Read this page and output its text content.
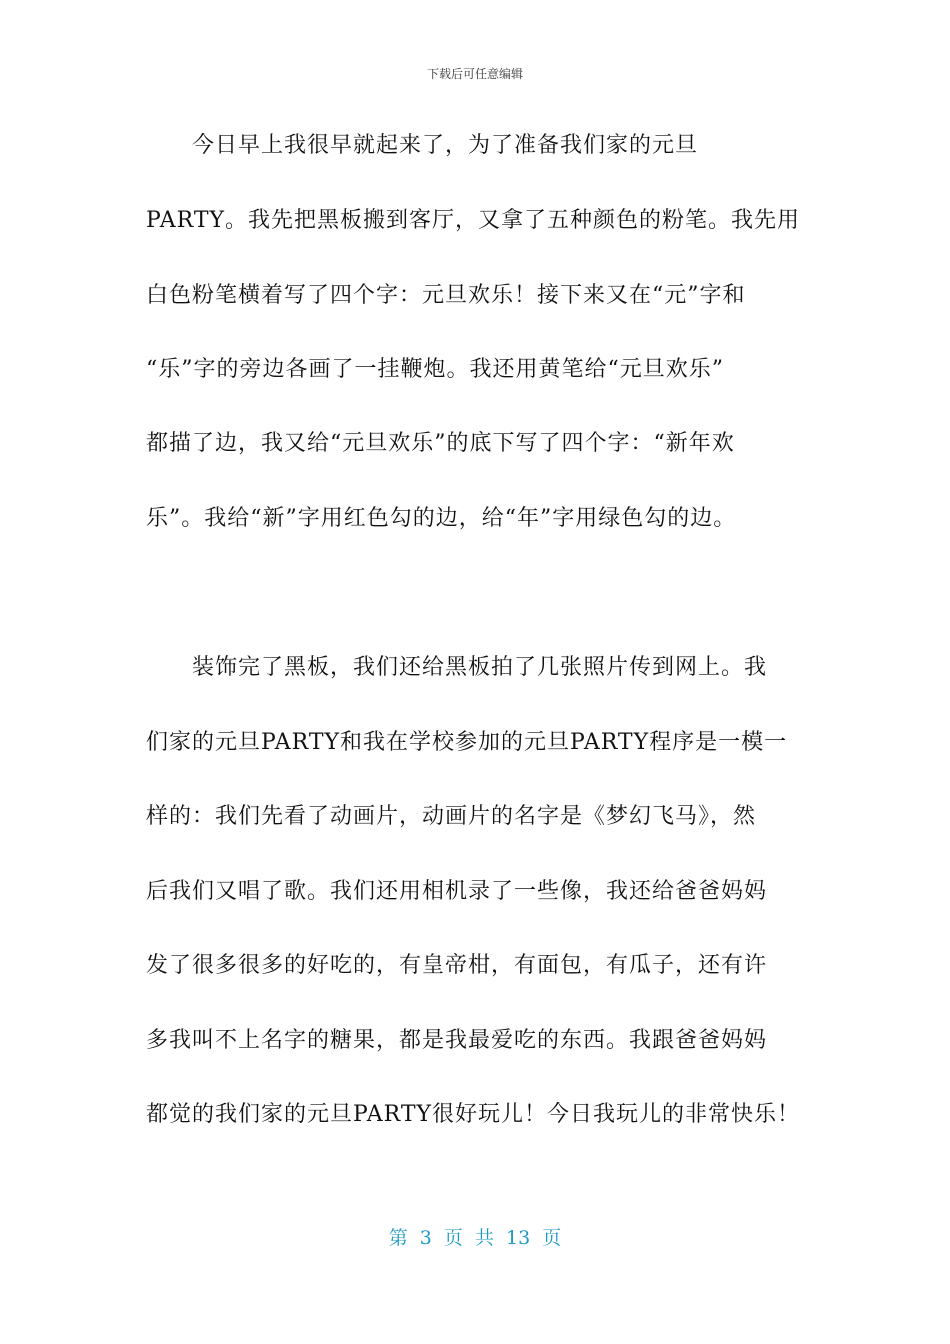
下载后可任意编辑
今日早上我很早就起来了，为了准备我们家的元旦
PARTY。我先把黑板搬到客厅，又拿了五种颜色的粉笔。我先用
白色粉笔横着写了四个字：元旦欢乐！接下来又在“元”字和
“乐”字的旁边各画了一挂鞭炮。我还用黄笔给“元旦欢乐”
都描了边，我又给“元旦欢乐”的底下写了四个字：“新年欢
乐”。我给“新”字用红色勾的边，给“年”字用绿色勾的边。
装饰完了黑板，我们还给黑板拍了几张照片传到网上。我
们家的元旦PARTY和我在学校参加的元旦PARTY程序是一模一
样的：我们先看了动画片，动画片的名字是《梦幻飞马》，然
后我们又唱了歌。我们还用相机录了一些像，我还给爸爸妈妈
发了很多很多的好吃的，有皇帝柑，有面包，有瓜子，还有许
多我叫不上名字的糖果，都是我最爱吃的东西。我跟爸爸妈妈
都觉的我们家的元旦PARTY很好玩儿！今日我玩儿的非常快乐！
第 3 页 共 13 页
